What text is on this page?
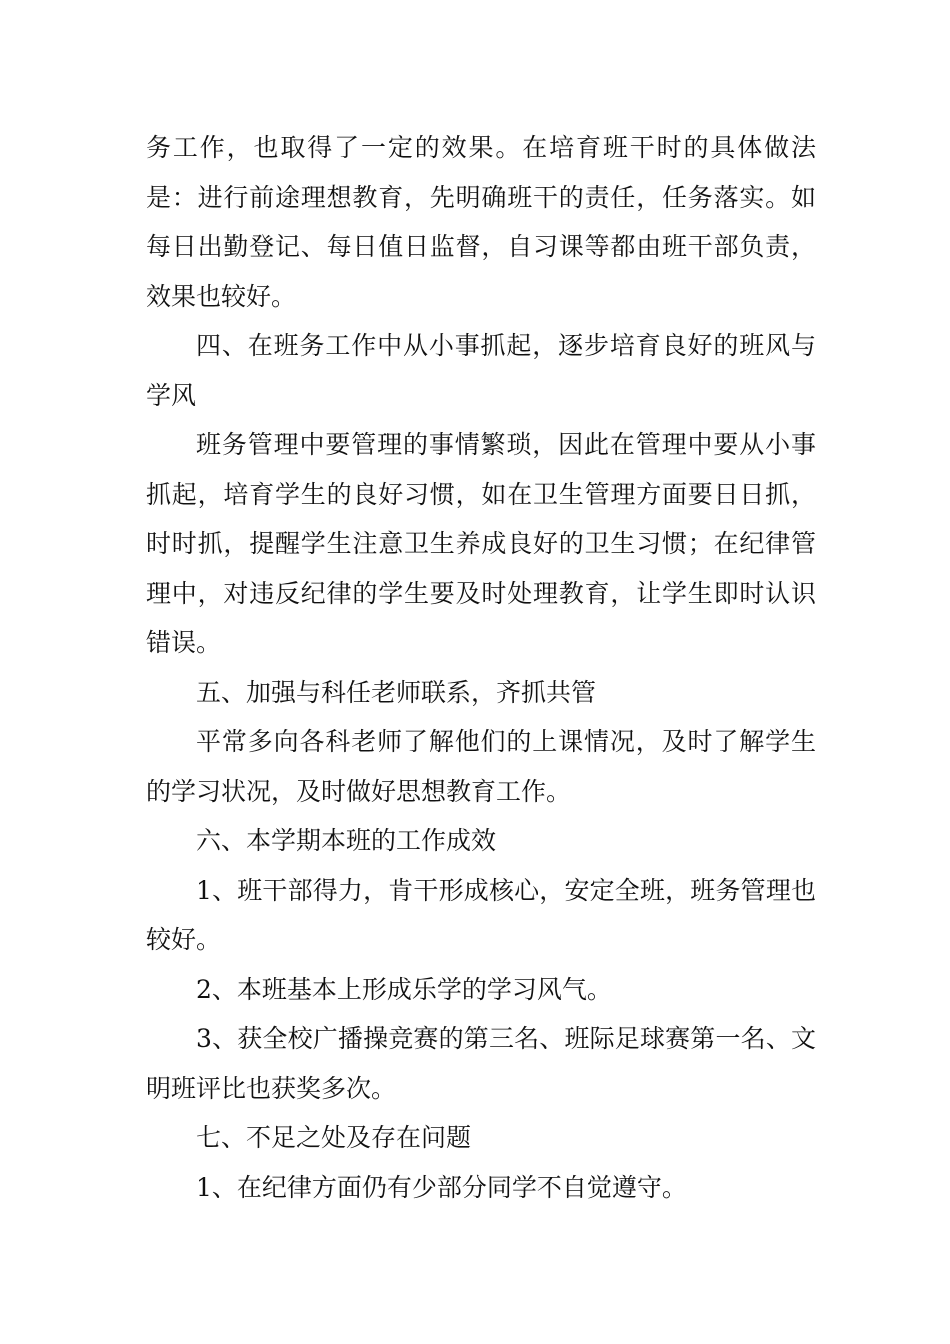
务工作，也取得了一定的效果。在培育班干时的具体做法是：进行前途理想教育，先明确班干的责任，任务落实。如每日出勤登记、每日值日监督，自习课等都由班干部负责，效果也较好。

四、在班务工作中从小事抓起，逐步培育良好的班风与学风

班务管理中要管理的事情繁琐，因此在管理中要从小事抓起，培育学生的良好习惯，如在卫生管理方面要日日抓，时时抓，提醒学生注意卫生养成良好的卫生习惯；在纪律管理中，对违反纪律的学生要及时处理教育，让学生即时认识错误。

五、加强与科任老师联系，齐抓共管

平常多向各科老师了解他们的上课情况，及时了解学生的学习状况，及时做好思想教育工作。

六、本学期本班的工作成效

1、班干部得力，肯干形成核心，安定全班，班务管理也较好。

2、本班基本上形成乐学的学习风气。

3、获全校广播操竞赛的第三名、班际足球赛第一名、文明班评比也获奖多次。

七、不足之处及存在问题

1、在纪律方面仍有少部分同学不自觉遵守。
